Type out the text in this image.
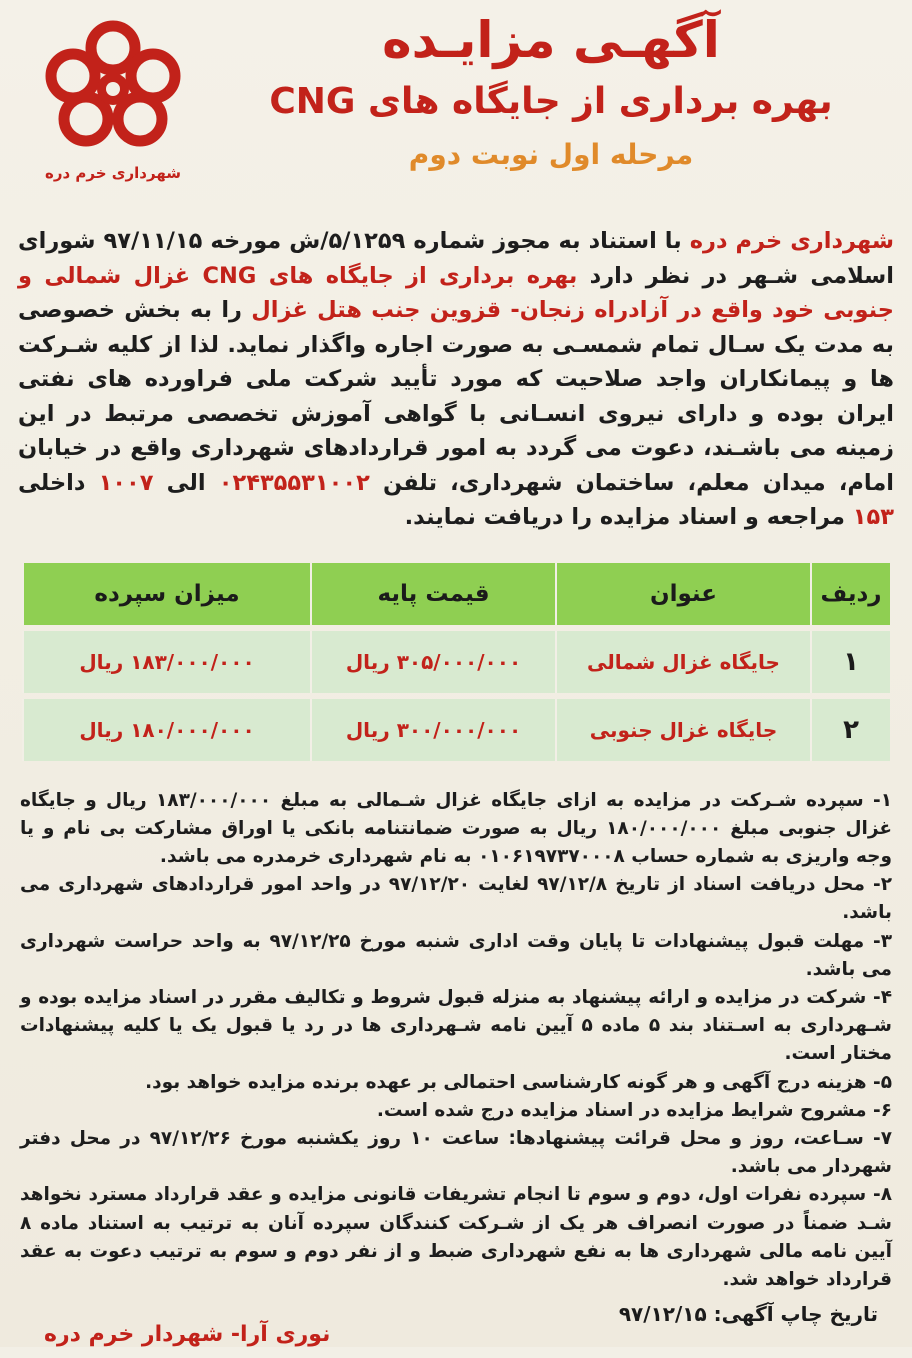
شهرداری خرم دره
آگهـی مزایـده
بهره برداری از جایگاه های CNG
مرحله اول نوبت دوم
شهرداری خرم دره با استناد به مجوز شماره ۵/۱۲۵۹/ش مورخه ۹۷/۱۱/۱۵ شورای اسلامی شـهر در نظر دارد بهره برداری از جایگاه های CNG غزال شمالی و جنوبی خود واقع در آزادراه زنجان- قزوین جنب هتل غزال را به بخش خصوصی به مدت یک سـال تمام شمسـی به صورت اجاره واگذار نماید. لذا از کلیه شـرکت ها و پیمانکاران واجد صلاحیت که مورد تأیید شرکت ملی فراورده های نفتی ایران بوده و دارای نیروی انسـانی با گواهی آموزش تخصصی مرتبط در این زمینه می باشـند، دعوت می گردد به امور قراردادهای شهرداری واقع در خیابان امام، میدان معلم، ساختمان شهرداری، تلفن ۰۲۴۳۵۵۳۱۰۰۲ الی ۱۰۰۷ داخلی ۱۵۳ مراجعه و اسناد مزایده را دریافت نمایند.
ردیف	عنوان	قیمت پایه	میزان سپرده
۱	جایگاه غزال شمالی	۳۰۵/۰۰۰/۰۰۰ ریال	۱۸۳/۰۰۰/۰۰۰ ریال
۲	جایگاه غزال جنوبی	۳۰۰/۰۰۰/۰۰۰ ریال	۱۸۰/۰۰۰/۰۰۰ ریال

۱- سپرده شـرکت در مزایده به ازای جایگاه غزال شـمالی به مبلغ ۱۸۳/۰۰۰/۰۰۰ ریال و جایگاه غزال جنوبی مبلغ ۱۸۰/۰۰۰/۰۰۰ ریال به صورت ضمانتنامه بانکی یا اوراق مشارکت بی نام و یا وجه واریزی به شماره حساب ۰۱۰۶۱۹۷۳۷۰۰۰۸ به نام شهرداری خرمدره می باشد.

۲- محل دریافت اسناد از تاریخ ۹۷/۱۲/۸ لغایت ۹۷/۱۲/۲۰ در واحد امور قراردادهای شهرداری می باشد.

۳- مهلت قبول پیشنهادات تا پایان وقت اداری شنبه مورخ ۹۷/۱۲/۲۵ به واحد حراست شهرداری می باشد.

۴- شرکت در مزایده و ارائه پیشنهاد به منزله قبول شروط و تکالیف مقرر در اسناد مزایده بوده و شـهرداری به اسـتناد بند ۵ ماده ۵ آیین نامه شـهرداری ها در رد یا قبول یک یا کلیه پیشنهادات مختار است.

۵- هزینه درج آگهی و هر گونه کارشناسی احتمالی بر عهده برنده مزایده خواهد بود.

۶- مشروح شرایط مزایده در اسناد مزایده درج شده است.

۷- سـاعت، روز و محل قرائت پیشنهادها: ساعت ۱۰ روز یکشنبه مورخ ۹۷/۱۲/۲۶ در محل دفتر شهردار می باشد.

۸- سپرده نفرات اول، دوم و سوم تا انجام تشریفات قانونی مزایده و عقد قرارداد مسترد نخواهد شـد ضمناً در صورت انصراف هر یک از شـرکت کنندگان سپرده آنان به ترتیب به استناد ماده ۸ آیین نامه مالی شهرداری ها به نفع شهرداری ضبط و از نفر دوم و سوم به ترتیب دعوت به عقد قرارداد خواهد شد.

تاریخ چاپ آگهی: ۹۷/۱۲/۱۵
نوری آرا- شهردار خرم دره
